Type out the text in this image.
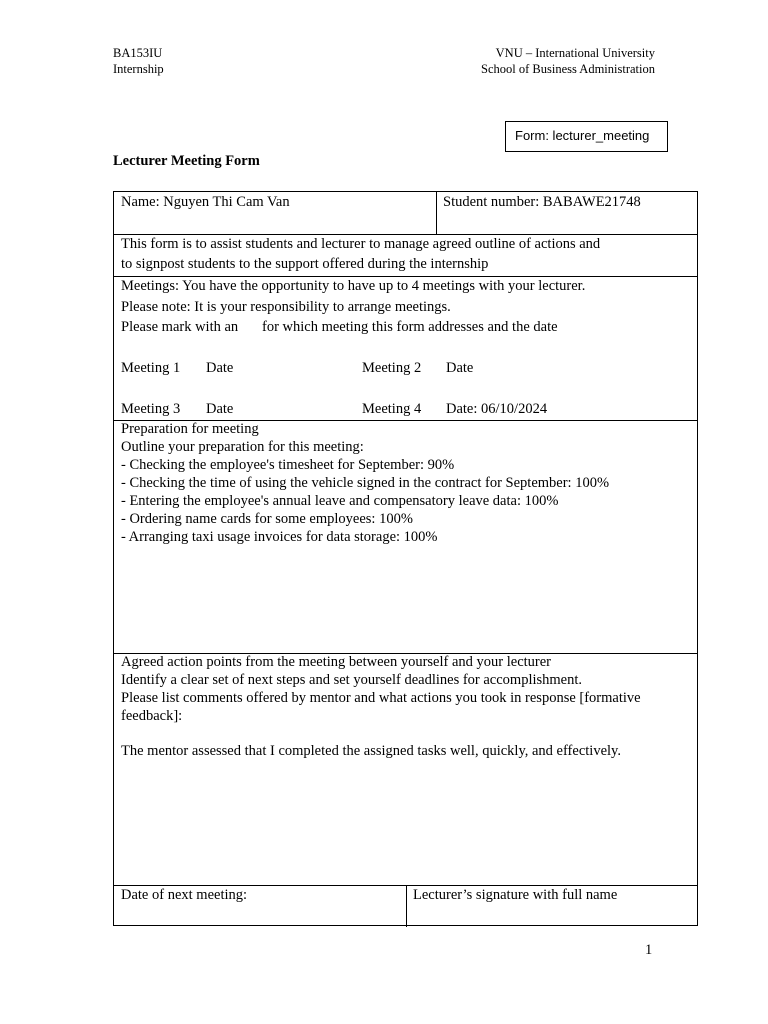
BA153IU
Internship
VNU – International University
School of Business Administration
Form: lecturer_meeting
Lecturer Meeting Form
Name: Nguyen Thi Cam Van	Student number: BABAWE21748
This form is to assist students and lecturer to manage agreed outline of actions and
to signpost students to the support offered during the internship
Meetings: You have the opportunity to have up to 4 meetings with your lecturer.
Please note: It is your responsibility to arrange meetings.
Please mark with an for which meeting this form addresses and the date
Meeting 1 Date	Meeting 2 Date
Meeting 3 Date	Meeting 4 Date: 06/10/2024
Preparation for meeting
Outline your preparation for this meeting:
- Checking the employee's timesheet for September: 90%
- Checking the time of using the vehicle signed in the contract for September: 100%
- Entering the employee's annual leave and compensatory leave data: 100%
- Ordering name cards for some employees: 100%
- Arranging taxi usage invoices for data storage: 100%
Agreed action points from the meeting between yourself and your lecturer
Identify a clear set of next steps and set yourself deadlines for accomplishment.
Please list comments offered by mentor and what actions you took in response [formative
feedback]:
The mentor assessed that I completed the assigned tasks well, quickly, and effectively.
Date of next meeting:	Lecturer’s signature with full name
1
